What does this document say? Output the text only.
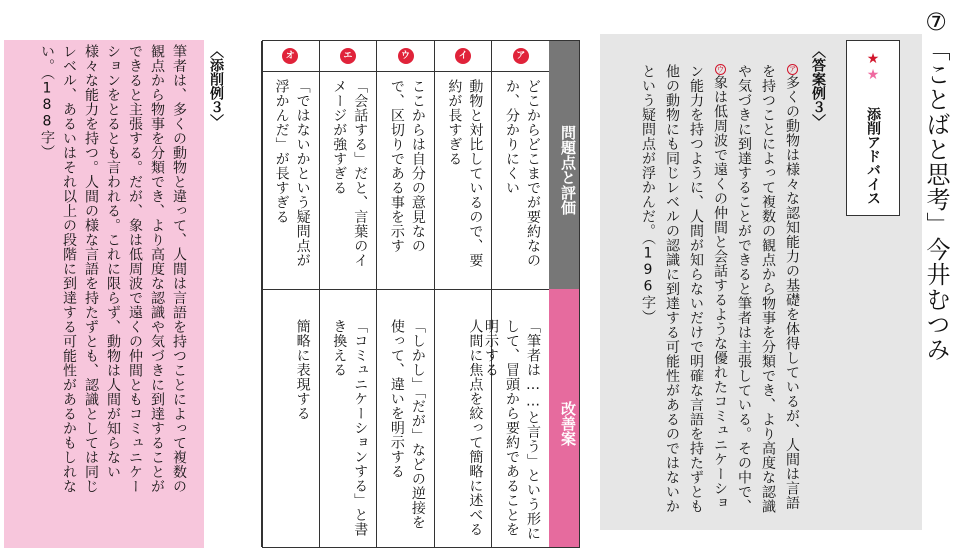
⑦「ことばと思考」今井むつみ
★★ 添削アドバイス
〈答案例３〉
ア多くの動物は様々な認知能力の基礎を体得しているが、人間は言語を持つことによって複数の観点から物事を分類でき、より高度な認識や気づきに到達することができると筆者は主張している。その中で、ウ象は低周波で遠くの仲間と会話するような優れたコミュニケーション能力を持つように、人間が知らないだけで明確な言語を持たずとも他の動物にも同じレベルの認識に到達する可能性があるのではないかという疑問点が浮かんだ。（196字）
問題点と評価
改善案
ア
どこからどこまでが要約なのか、分かりにくい
「筆者は……と言う」という形にして、冒頭から要約であることを明示する
イ
動物と対比しているので、要約が長すぎる
人間に焦点を絞って簡略に述べる
ウ
ここからは自分の意見なので、区切りである事を示す
「しかし」「だが」などの逆接を使って、違いを明示する
エ
「会話する」だと、言葉のイメージが強すぎる
「コミュニケーションする」と書き換える
オ
「ではないかという疑問点が浮かんだ」が長すぎる
簡略に表現する
〈添削例３〉
筆者は、多くの動物と違って、人間は言語を持つことによって複数の観点から物事を分類でき、より高度な認識や気づきに到達することができると主張する。だが、象は低周波で遠くの仲間ともコミュニケーションをとるとも言われる。これに限らず、動物は人間が知らない様々な能力を持つ。人間の様な言語を持たずとも、認識としては同じレベル、あるいはそれ以上の段階に到達する可能性があるかもしれない。（188字）
